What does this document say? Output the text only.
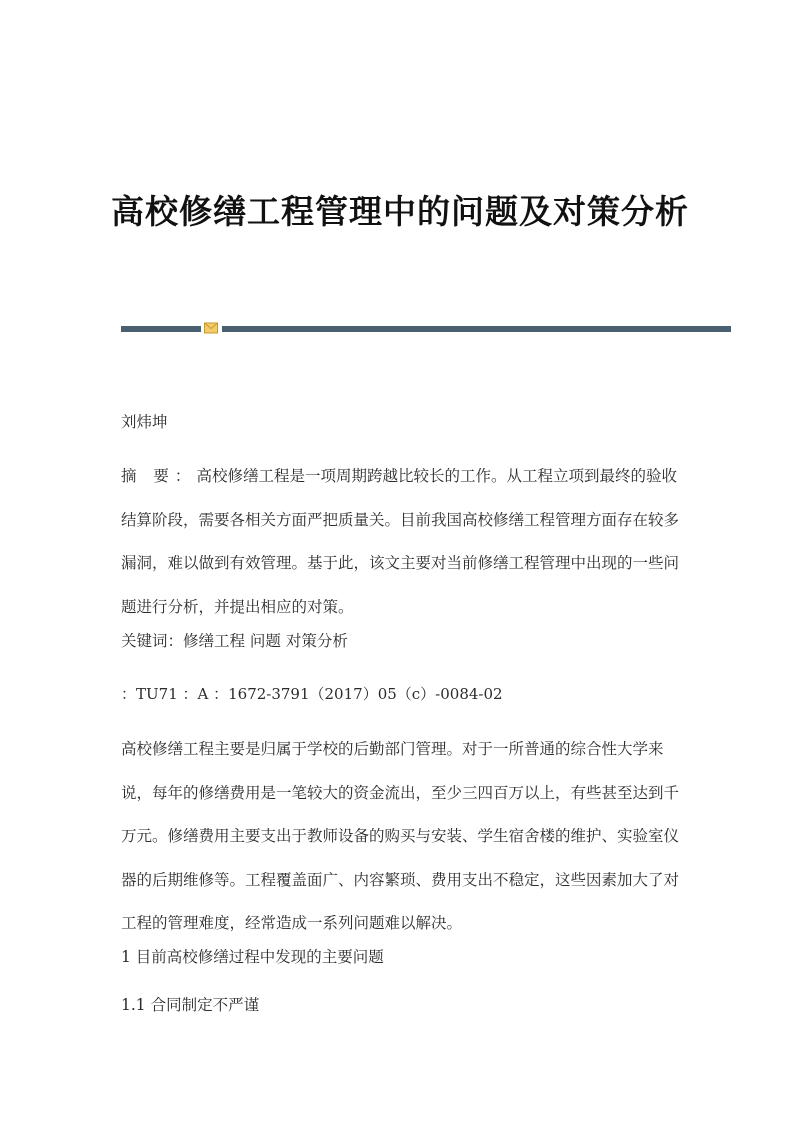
高校修缮工程管理中的问题及对策分析
刘炜坤
摘 要：高校修缮工程是一项周期跨越比较长的工作。从工程立项到最终的验收结算阶段，需要各相关方面严把质量关。目前我国高校修缮工程管理方面存在较多漏洞，难以做到有效管理。基于此，该文主要对当前修缮工程管理中出现的一些问题进行分析，并提出相应的对策。
关键词：修缮工程 问题 对策分析
：TU71 ：A ：1672-3791（2017）05（c）-0084-02
高校修缮工程主要是归属于学校的后勤部门管理。对于一所普通的综合性大学来说，每年的修缮费用是一笔较大的资金流出，至少三四百万以上，有些甚至达到千万元。修缮费用主要支出于教师设备的购买与安装、学生宿舍楼的维护、实验室仪器的后期维修等。工程覆盖面广、内容繁琐、费用支出不稳定，这些因素加大了对工程的管理难度，经常造成一系列问题难以解决。
1 目前高校修缮过程中发现的主要问题
1.1 合同制定不严谨
